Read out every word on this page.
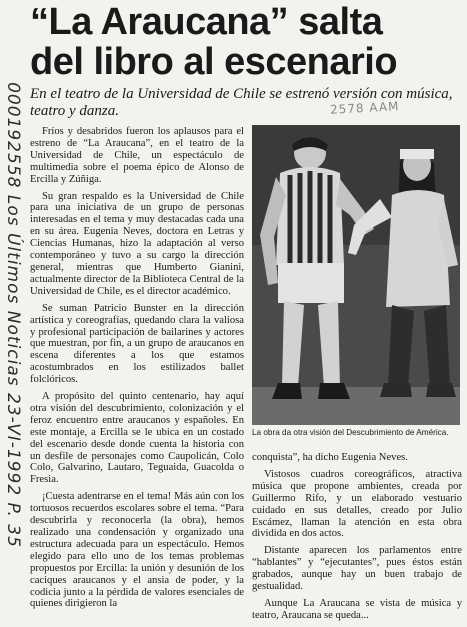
000192558 Los Últimos Noticias 23-VI-1992 P. 35
“La Araucana” salta
del libro al escenario
En el teatro de la Universidad de Chile se estrenó versión con música, teatro y danza.	2578 AAM

Fríos y desabridos fueron los aplausos para el estreno de “La Araucana”, en el teatro de la Universidad de Chile, un espectáculo de multimedia sobre el poema épico de Alonso de Ercilla y Zúñiga.

Su gran respaldo es la Universidad de Chile para una iniciativa de un grupo de personas interesadas en el tema y muy destacadas cada una en su área. Eugenia Neves, doctora en Letras y Ciencias Humanas, hizo la adaptación al verso contemporáneo y tuvo a su cargo la dirección general, mientras que Humberto Gianini, actualmente director de la Biblioteca Central de la Universidad de Chile, es el director académico.

Se suman Patricio Bunster en la dirección artística y coreografías, quedando clara la valiosa y profesional participación de bailarines y actores que muestran, por fin, a un grupo de araucanos en escena diferentes a los que estamos acostumbrados en los estilizados ballet folclóricos.

A propósito del quinto centenario, hay aquí otra visión del descubrimiento, colonización y el feroz encuentro entre araucanos y españoles. En este montaje, a Ercilla se le ubica en un costado del escenario desde donde cuenta la historia con un desfile de personajes como Caupolicán, Colo Colo, Galvarino, Lautaro, Teguaida, Guacolda o Fresia.

¡Cuesta adentrarse en el tema! Más aún con los tortuosos recuerdos escolares sobre el tema. “Para descubrirla y reconocerla (la obra), hemos realizado una condensación y organizado una estructura adecuada para un espectáculo. Hemos elegido para ello uno de los temas problemas propuestos por Ercilla: la unión y desunión de los caciques araucanos y el ansia de poder, y la codicia junto a la pérdida de valores esenciales de quienes dirigieron la

La obra da otra visión del Descubrimiento de América.

conquista”, ha dicho Eugenia Neves.

Vistosos cuadros coreográficos, atractiva música que propone ambientes, creada por Guillermo Rifo, y un elaborado vestuario cuidado en sus detalles, creado por Julio Escámez, llaman la atención en esta obra dividida en dos actos.

Distante aparecen los parlamentos entre “hablantes” y “ejecutantes”, pues éstos están grabados, aunque hay un buen trabajo de gestualidad.

Aunque La Araucana se vista de música y teatro, Araucana se queda...
